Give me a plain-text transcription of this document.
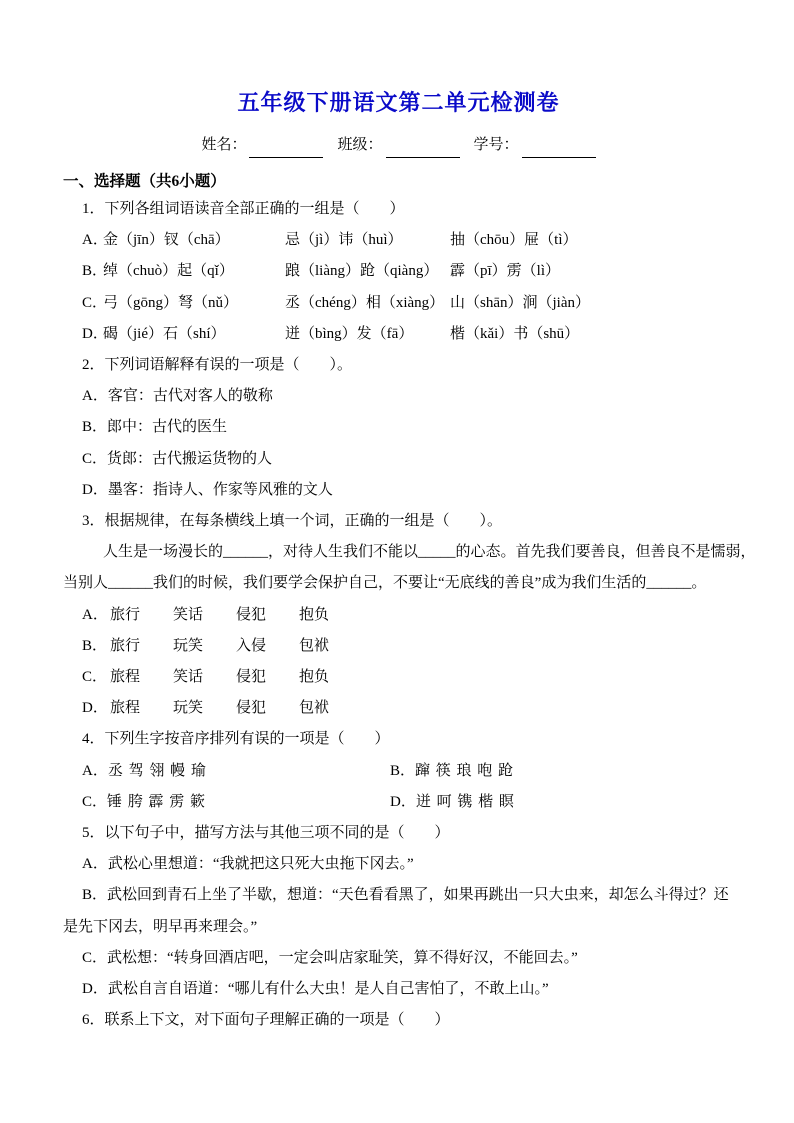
五年级下册语文第二单元检测卷
姓名：	班级：	学号：
一、选择题（共6小题）
1．下列各组词语读音全部正确的一组是（　　）
A．
金（jīn）钗（chā）	忌（jì）讳（huì）	抽（chōu）屉（tì）
B．
绰（chuò）起（qǐ）	踉（liàng）跄（qiàng） 霹（pī）雳（lì）
C．
弓（gōng）弩（nǔ）	丞（chéng）相（xiàng） 山（shān）涧（jiàn）
D．
碣（jié）石（shí）	迸（bìng）发（fā）	楷（kǎi）书（shū）
2．下列词语解释有误的一项是（　　）。
A．客官：古代对客人的敬称
B．郎中：古代的医生
C．货郎：古代搬运货物的人
D．墨客：指诗人、作家等风雅的文人
3．根据规律，在每条横线上填一个词，正确的一组是（　　）。
人生是一场漫长的______，对待人生我们不能以_____的心态。首先我们要善良，但善良不是懦弱，
当别人______我们的时候，我们要学会保护自己，不要让“无底线的善良”成为我们生活的______。
A． 旅行	笑话	侵犯	抱负
B． 旅行	玩笑	入侵	包袱
C． 旅程	笑话	侵犯	抱负
D． 旅程	玩笑	侵犯	包袱
4．下列生字按音序排列有误的一项是（　　）
A．丞 驾 翎 幔 瑜	B．蹿 筷 琅 咆 跄
C．锤 胯 霹 雳 簌	D．迸 呵 镌 楷 瞑
5．以下句子中，描写方法与其他三项不同的是（　　）
A．武松心里想道：“我就把这只死大虫拖下冈去。”
B．武松回到青石上坐了半歇，想道：“天色看看黑了，如果再跳出一只大虫来，却怎么斗得过？还是先下冈去，明早再来理会。”
C．武松想：“转身回酒店吧，一定会叫店家耻笑，算不得好汉，不能回去。”
D．武松自言自语道：“哪儿有什么大虫！是人自己害怕了，不敢上山。”
6．联系上下文，对下面句子理解正确的一项是（　　）
